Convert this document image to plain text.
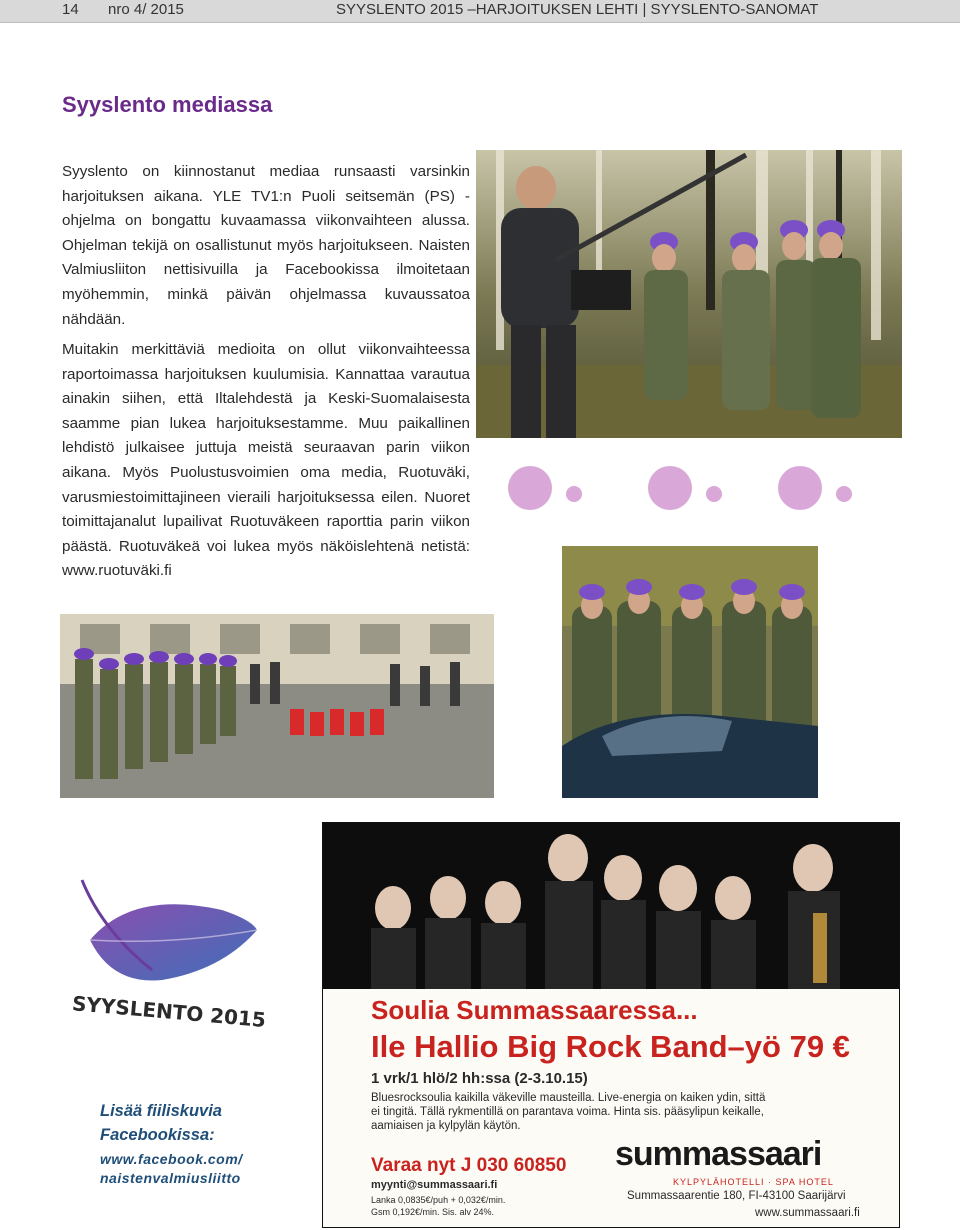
14 nro 4/ 2015	SYYSLENTO 2015 –HARJOITUKSEN LEHTI | SYYSLENTO-SANOMAT
Syyslento mediassa
Syyslento on kiinnostanut mediaa runsaasti varsinkin harjoituksen aikana. YLE TV1:n Puoli seitsemän (PS) -ohjelma on bongattu kuvaamassa viikonvaihteen alussa. Ohjelman tekijä on osallistunut myös harjoitukseen. Naisten Valmiusliiton nettisivuilla ja Facebookissa ilmoitetaan myöhemmin, minkä päivän ohjelmassa kuvaussatoa nähdään.
Muitakin merkittäviä medioita on ollut viikonvaihteessa raportoimassa harjoituksen kuulumisia. Kannattaa varautua ainakin siihen, että Iltalehdestä ja Keski-Suomalaisesta saamme pian lukea harjoituksestamme. Muu paikallinen lehdistö julkaisee juttuja meistä seuraavan parin viikon aikana. Myös Puolustusvoimien oma media, Ruotuväki, varusmiestoimittajineen vieraili harjoituksessa eilen. Nuoret toimittajanalut lupailivat Ruotuväkeen raporttia parin viikon päästä. Ruotuväkeä voi lukea myös näköislehtenä netistä: www.ruotuväki.fi
SYYSLENTO 2015
Lisää fiiliskuvia
Facebookissa:
www.facebook.com/
naistenvalmiusliitto
Soulia Summassaaressa...
Ile Hallio Big Rock Band–yö 79 €
1 vrk/1 hlö/2 hh:ssa (2-3.10.15)
Bluesrocksoulia kaikilla väkeville mausteilla. Live-energia on kaiken ydin, sittä
ei tingitä. Tällä rykmentillä on parantava voima. Hinta sis. pääsylipun keikalle,
aamiaisen ja kylpylän käytön.
Varaa nyt J 030 60850
myynti@summassaari.fi
Lanka 0,0835€/puh + 0,032€/min.
Gsm 0,192€/min. Sis. alv 24%.
summassaari
KYLPYLÄHOTELLI · SPA HOTEL
Summassaarentie 180, FI-43100 Saarijärvi
www.summassaari.fi
